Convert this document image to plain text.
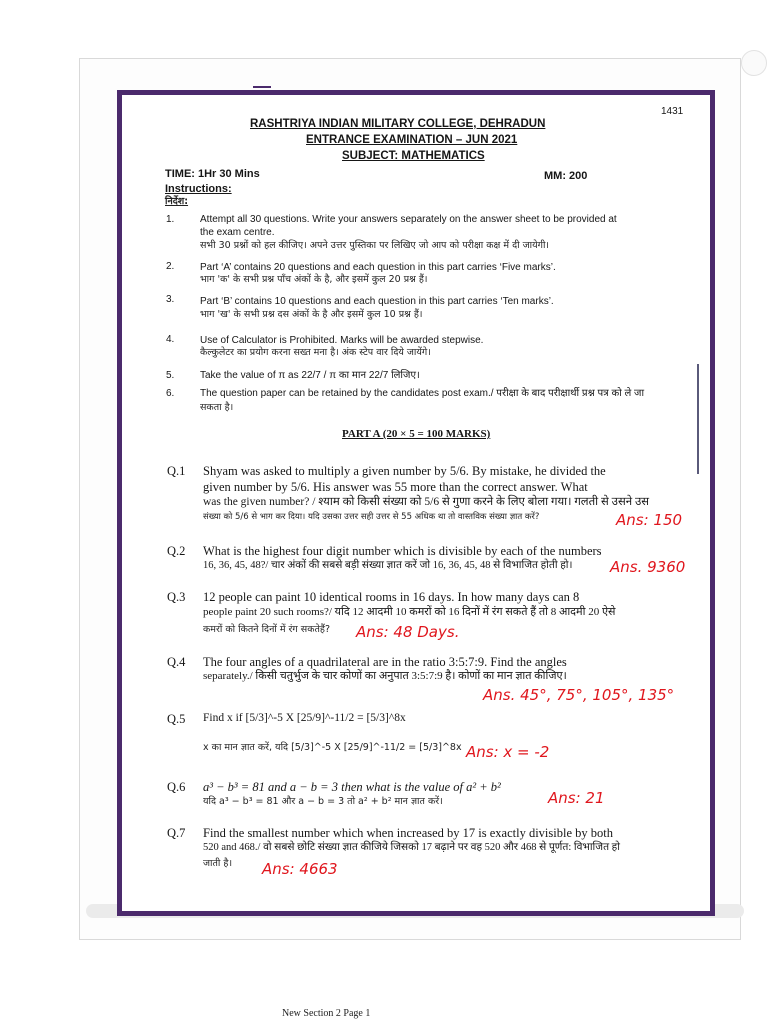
1431
RASHTRIYA INDIAN MILITARY COLLEGE, DEHRADUN
ENTRANCE EXAMINATION – JUN 2021
SUBJECT: MATHEMATICS
TIME: 1Hr 30 Mins	MM: 200
Instructions:
निर्देश:
1.	Attempt all 30 questions. Write your answers separately on the answer sheet to be provided at
the exam centre.
सभी 30 प्रश्नों को हल कीजिए। अपने उत्तर पुस्तिका पर लिखिए जो आप को परीक्षा कक्ष में दी जायेगी।
2.	Part ‘A’ contains 20 questions and each question in this part carries ‘Five marks’.
भाग 'क' के सभी प्रश्न पाँच अंकों के है, और इसमें कुल 20 प्रश्न हैं।
3.	Part ‘B’ contains 10 questions and each question in this part carries ‘Ten marks’.
भाग 'ख' के सभी प्रश्न दस अंकों के है और इसमें कुल 10 प्रश्न हैं।
4.	Use of Calculator is Prohibited. Marks will be awarded stepwise.
कैल्कुलेटर का प्रयोग करना सख्त मना है। अंक स्टेप वार दिये जायेंगे।
5.	Take the value of π as 22/7 / π का मान 22/7 लिजिए।
6.	The question paper can be retained by the candidates post exam./ परीक्षा के बाद परीक्षार्थी प्रश्न पत्र को ले जा
सकता है।
PART A (20 × 5 = 100 MARKS)
Q.1 Shyam was asked to multiply a given number by 5/6. By mistake, he divided the
given number by 5/6. His answer was 55 more than the correct answer. What
was the given number? / श्याम को किसी संख्या को 5/6 से गुणा करने के लिए बोला गया। गलती से उसने उस
संख्या को 5/6 से भाग कर दिया। यदि उसका उत्तर सही उत्तर से 55 अधिक था तो वास्तविक संख्या ज्ञात करें?	Ans: 150
Q.2 What is the highest four digit number which is divisible by each of the numbers
16, 36, 45, 48?/ चार अंकों की सबसे बड़ी संख्या ज्ञात करें जो 16, 36, 45, 48 से विभाजित होती हो। Ans. 9360
Q.3 12 people can paint 10 identical rooms in 16 days. In how many days can 8
people paint 20 such rooms?/ यदि 12 आदमी 10 कमरों को 16 दिनों में रंग सकते हैं तो 8 आदमी 20 ऐसे
कमरों को कितने दिनों में रंग सकतेहैं? Ans: 48 Days.
Q.4 The four angles of a quadrilateral are in the ratio 3:5:7:9. Find the angles
separately./ किसी चतुर्भुज के चार कोणों का अनुपात 3:5:7:9 है। कोणों का मान ज्ञात कीजिए।
Ans. 45°, 75°, 105°, 135°
Q.5 Find x if [5/3]^-5 X [25/9]^-11/2 = [5/3]^8x
x का मान ज्ञात करें, यदि [5/3]^-5 X [25/9]^-11/2 = [5/3]^8x Ans: x = -2
Q.6 a³ − b³ = 81 and a − b = 3 then what is the value of a² + b²
यदि a³ − b³ = 81 और a − b = 3 तो a² + b² मान ज्ञात करें।	Ans: 21
Q.7 Find the smallest number which when increased by 17 is exactly divisible by both
520 and 468./ वो सबसे छोटि संख्या ज्ञात कीजिये जिसको 17 बढ़ाने पर वह 520 और 468 से पूर्णत: विभाजित हो
जाती है। Ans: 4663
New Section 2 Page 1
